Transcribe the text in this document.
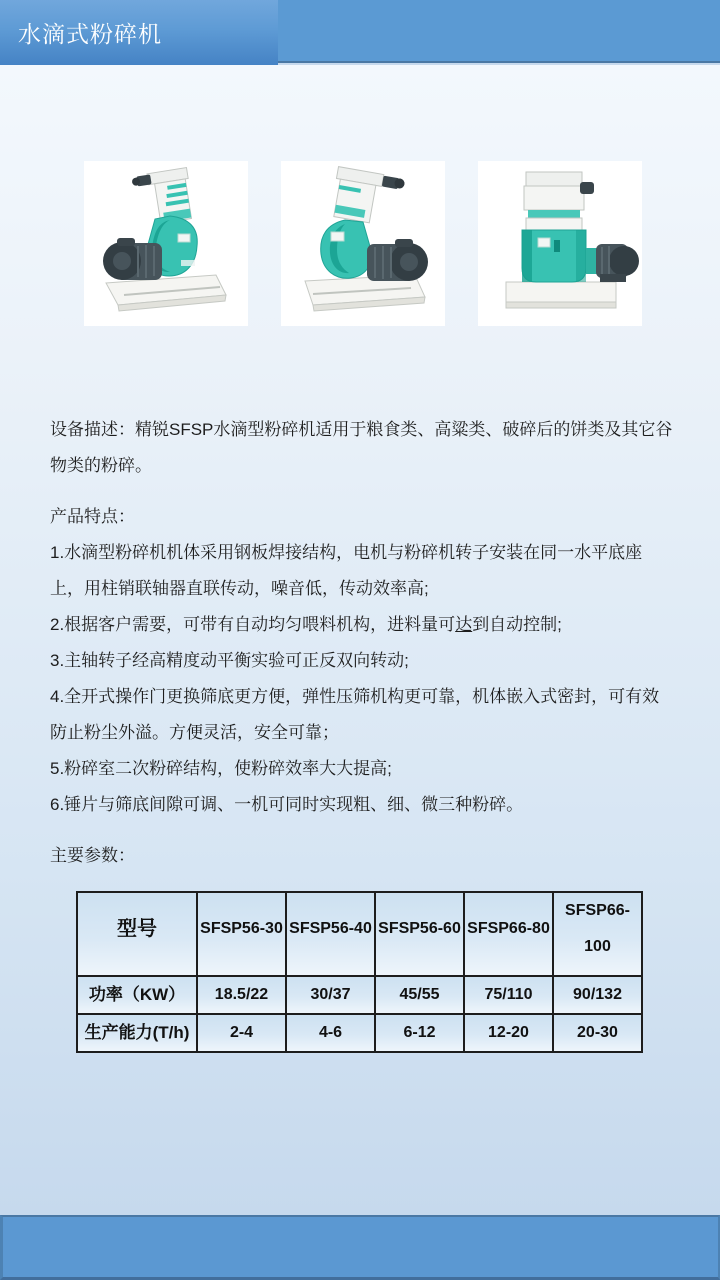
水滴式粉碎机

设备描述：精锐SFSP水滴型粉碎机适用于粮食类、高粱类、破碎后的饼类及其它谷物类的粉碎。

产品特点：

1.水滴型粉碎机机体采用钢板焊接结构，电机与粉碎机转子安装在同一水平底座上，用柱销联轴器直联传动，噪音低，传动效率高;

2.根据客户需要，可带有自动均匀喂料机构，进料量可达到自动控制;

3.主轴转子经高精度动平衡实验可正反双向转动;

4.全开式操作门更换筛底更方便，弹性压筛机构更可靠，机体嵌入式密封，可有效防止粉尘外溢。方便灵活，安全可靠；

5.粉碎室二次粉碎结构，使粉碎效率大大提高;

6.锤片与筛底间隙可调、一机可同时实现粗、细、微三种粉碎。

主要参数：

型号	SFSP56-30	SFSP56-40	SFSP56-60	SFSP66-80	SFSP66-100
功率（KW）	18.5/22	30/37	45/55	75/110	90/132
生产能力(T/h)	2-4	4-6	6-12	12-20	20-30
